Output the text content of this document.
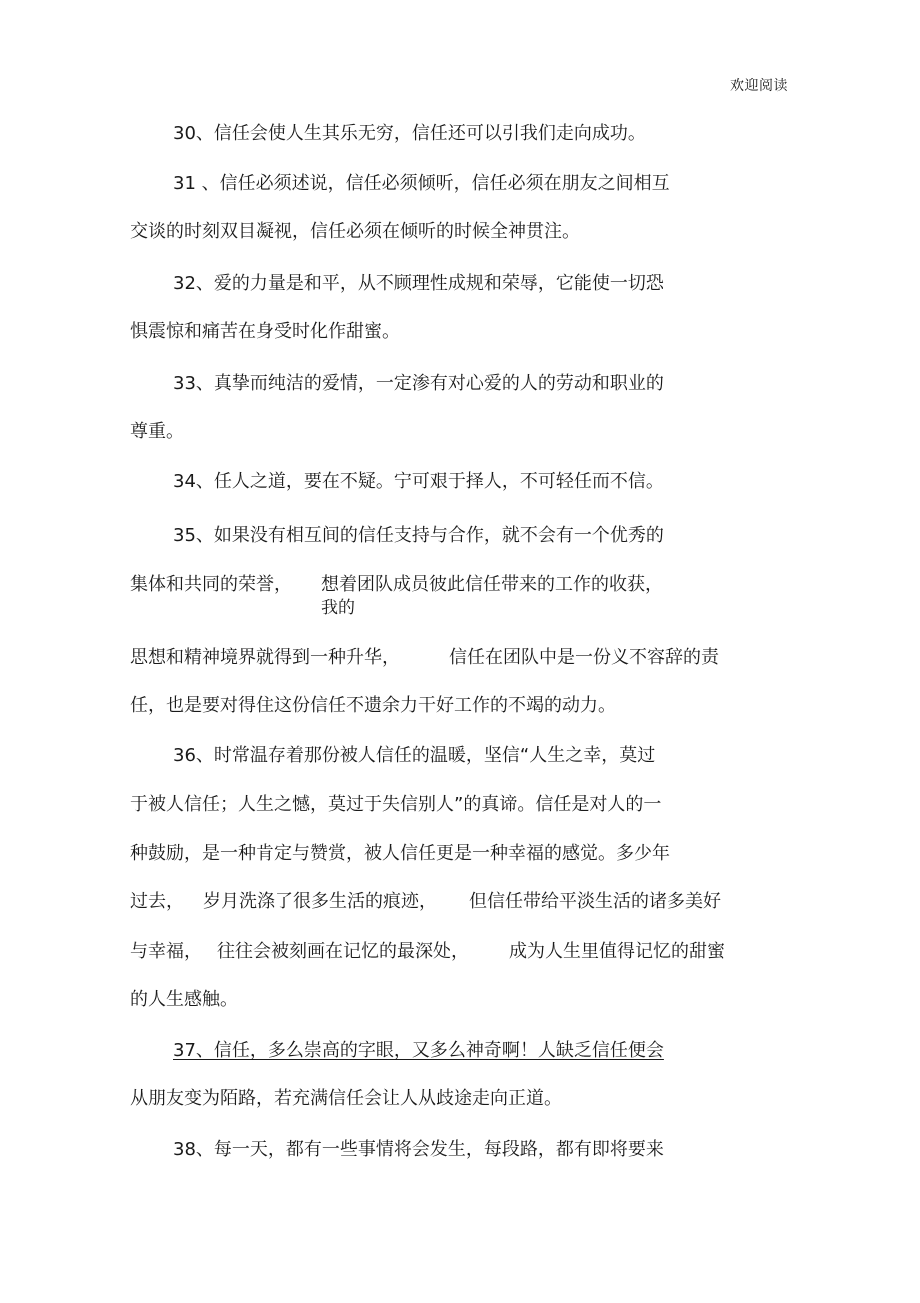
欢迎阅读
30、信任会使人生其乐无穷，信任还可以引我们走向成功。
31 、信任必须述说，信任必须倾听，信任必须在朋友之间相互
交谈的时刻双目凝视，信任必须在倾听的时候全神贯注。
32、爱的力量是和平，从不顾理性成规和荣辱，它能使一切恐
惧震惊和痛苦在身受时化作甜蜜。
33、真挚而纯洁的爱情，一定渗有对心爱的人的劳动和职业的
尊重。
34、任人之道，要在不疑。宁可艰于择人，不可轻任而不信。
35、如果没有相互间的信任支持与合作，就不会有一个优秀的
集体和共同的荣誉， 想着团队成员彼此信任带来的工作的收获，
我的
思想和精神境界就得到一种升华，	信任在团队中是一份义不容辞的责
任，也是要对得住这份信任不遗余力干好工作的不竭的动力。
36、时常温存着那份被人信任的温暖，坚信“人生之幸，莫过
于被人信任；人生之憾，莫过于失信别人”的真谛。信任是对人的一
种鼓励，是一种肯定与赞赏，被人信任更是一种幸福的感觉。多少年
过去， 岁月洗涤了很多生活的痕迹， 但信任带给平淡生活的诸多美好
与幸福， 往往会被刻画在记忆的最深处， 成为人生里值得记忆的甜蜜
的人生感触。
37、信任，多么崇高的字眼，又多么神奇啊！人缺乏信任便会
从朋友变为陌路，若充满信任会让人从歧途走向正道。
38、每一天，都有一些事情将会发生，每段路，都有即将要来
